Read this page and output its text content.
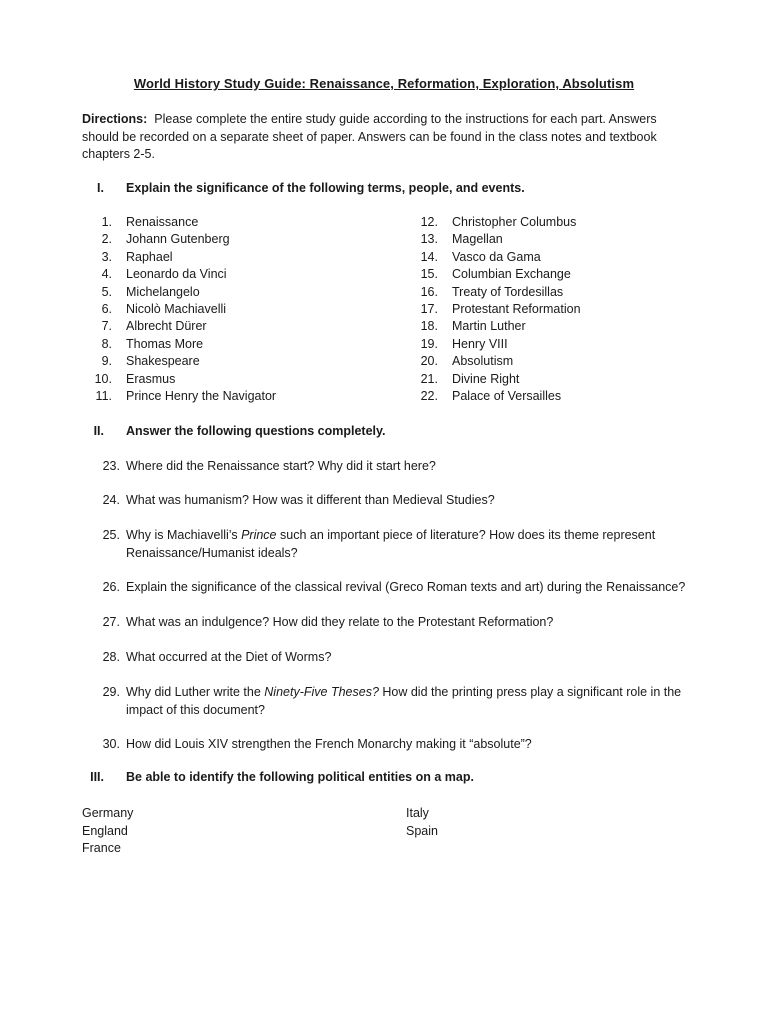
World History Study Guide: Renaissance, Reformation, Exploration, Absolutism
Directions: Please complete the entire study guide according to the instructions for each part. Answers should be recorded on a separate sheet of paper. Answers can be found in the class notes and textbook chapters 2-5.
I. Explain the significance of the following terms, people, and events.
1. Renaissance
2. Johann Gutenberg
3. Raphael
4. Leonardo da Vinci
5. Michelangelo
6. Nicolò Machiavelli
7. Albrecht Dürer
8. Thomas More
9. Shakespeare
10. Erasmus
11. Prince Henry the Navigator
12. Christopher Columbus
13. Magellan
14. Vasco da Gama
15. Columbian Exchange
16. Treaty of Tordesillas
17. Protestant Reformation
18. Martin Luther
19. Henry VIII
20. Absolutism
21. Divine Right
22. Palace of Versailles
II. Answer the following questions completely.
23. Where did the Renaissance start? Why did it start here?
24. What was humanism? How was it different than Medieval Studies?
25. Why is Machiavelli’s Prince such an important piece of literature? How does its theme represent Renaissance/Humanist ideals?
26. Explain the significance of the classical revival (Greco Roman texts and art) during the Renaissance?
27. What was an indulgence? How did they relate to the Protestant Reformation?
28. What occurred at the Diet of Worms?
29. Why did Luther write the Ninety-Five Theses? How did the printing press play a significant role in the impact of this document?
30. How did Louis XIV strengthen the French Monarchy making it “absolute”?
III. Be able to identify the following political entities on a map.
Germany
England
France
Italy
Spain
